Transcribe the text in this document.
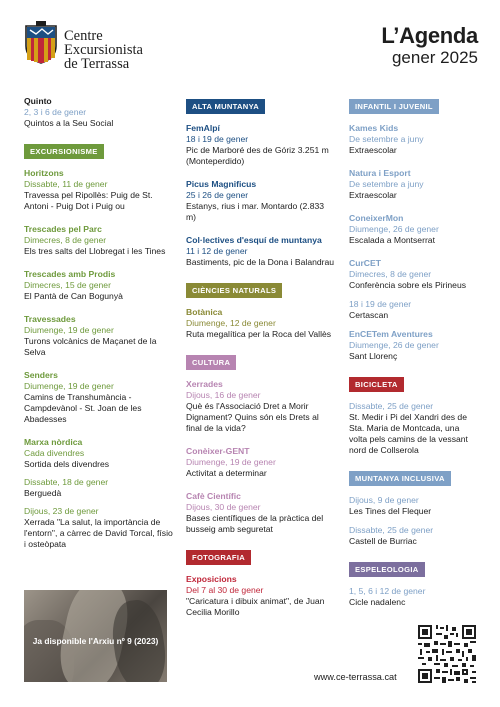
Centre
Excursionista
de Terrassa
L’Agenda
gener 2025
Quinto
2, 3 i 6 de gener
Quintos a la Seu Social
EXCURSIONISME
Horitzons
Dissabte, 11 de gener
Travessa pel Ripollès: Puig de St. Antoni - Puig Dot i Puig ou
Trescades pel Parc
Dimecres, 8 de gener
Els tres salts del Llobregat i les Tines
Trescades amb Prodis
Dimecres, 15 de gener
El Pantà de Can Bogunyà
Travessades
Diumenge, 19 de gener
Turons volcànics de Maçanet de la Selva
Senders
Diumenge, 19 de gener
Camins de Transhumància - Campdevànol - St. Joan de les Abadesses
Marxa nòrdica
Cada divendres
Sortida dels divendres
Dissabte, 18 de gener
Berguedà
Dijous, 23 de gener
Xerrada "La salut, la importància de l'entorn", a càrrec de David Torcal, físio i osteòpata
Ja disponible l'Arxiu nº 9 (2023)
ALTA MUNTANYA
FemAlpí
18 i 19 de gener
Pic de Marboré des de Góriz 3.251 m (Monteperdido)
Picus Magnificus
25 i 26 de gener
Estanys, rius i mar. Montardo (2.833 m)
Col·lectives d'esquí de muntanya
11 i 12 de gener
Bastiments, pic de la Dona i Balandrau
CIÈNCIES NATURALS
Botànica
Diumenge, 12 de gener
Ruta megalítica per la Roca del Vallès
CULTURA
Xerrades
Dijous, 16 de gener
Què és l'Associació Dret a Morir Dignament? Quins són els Drets al final de la vida?
Conèixer-GENT
Diumenge, 19 de gener
Activitat a determinar
Cafè Científic
Dijous, 30 de gener
Bases científiques de la pràctica del busseig amb seguretat
FOTOGRAFIA
Exposicions
Del 7 al 30 de gener
"Caricatura i dibuix animat", de Juan Cecilia Morillo
INFANTIL I JUVENIL
Kames Kids
De setembre a juny
Extraescolar
Natura i Esport
De setembre a juny
Extraescolar
ConeixerMon
Diumenge, 26 de gener
Escalada a Montserrat
CurCET
Dimecres, 8 de gener
Conferència sobre els Pirineus
18 i 19 de gener
Certascan
EnCETem Aventures
Diumenge, 26 de gener
Sant Llorenç
BICICLETA
Dissabte, 25 de gener
St. Medir i Pi del Xandri des de Sta. Maria de Montcada, una volta pels camins de la vessant nord de Collserola
MUNTANYA INCLUSIVA
Dijous, 9 de gener
Les Tines del Flequer
Dissabte, 25 de gener
Castell de Burriac
ESPELEOLOGIA
1, 5, 6 i 12 de gener
Cicle nadalenc
www.ce-terrassa.cat
